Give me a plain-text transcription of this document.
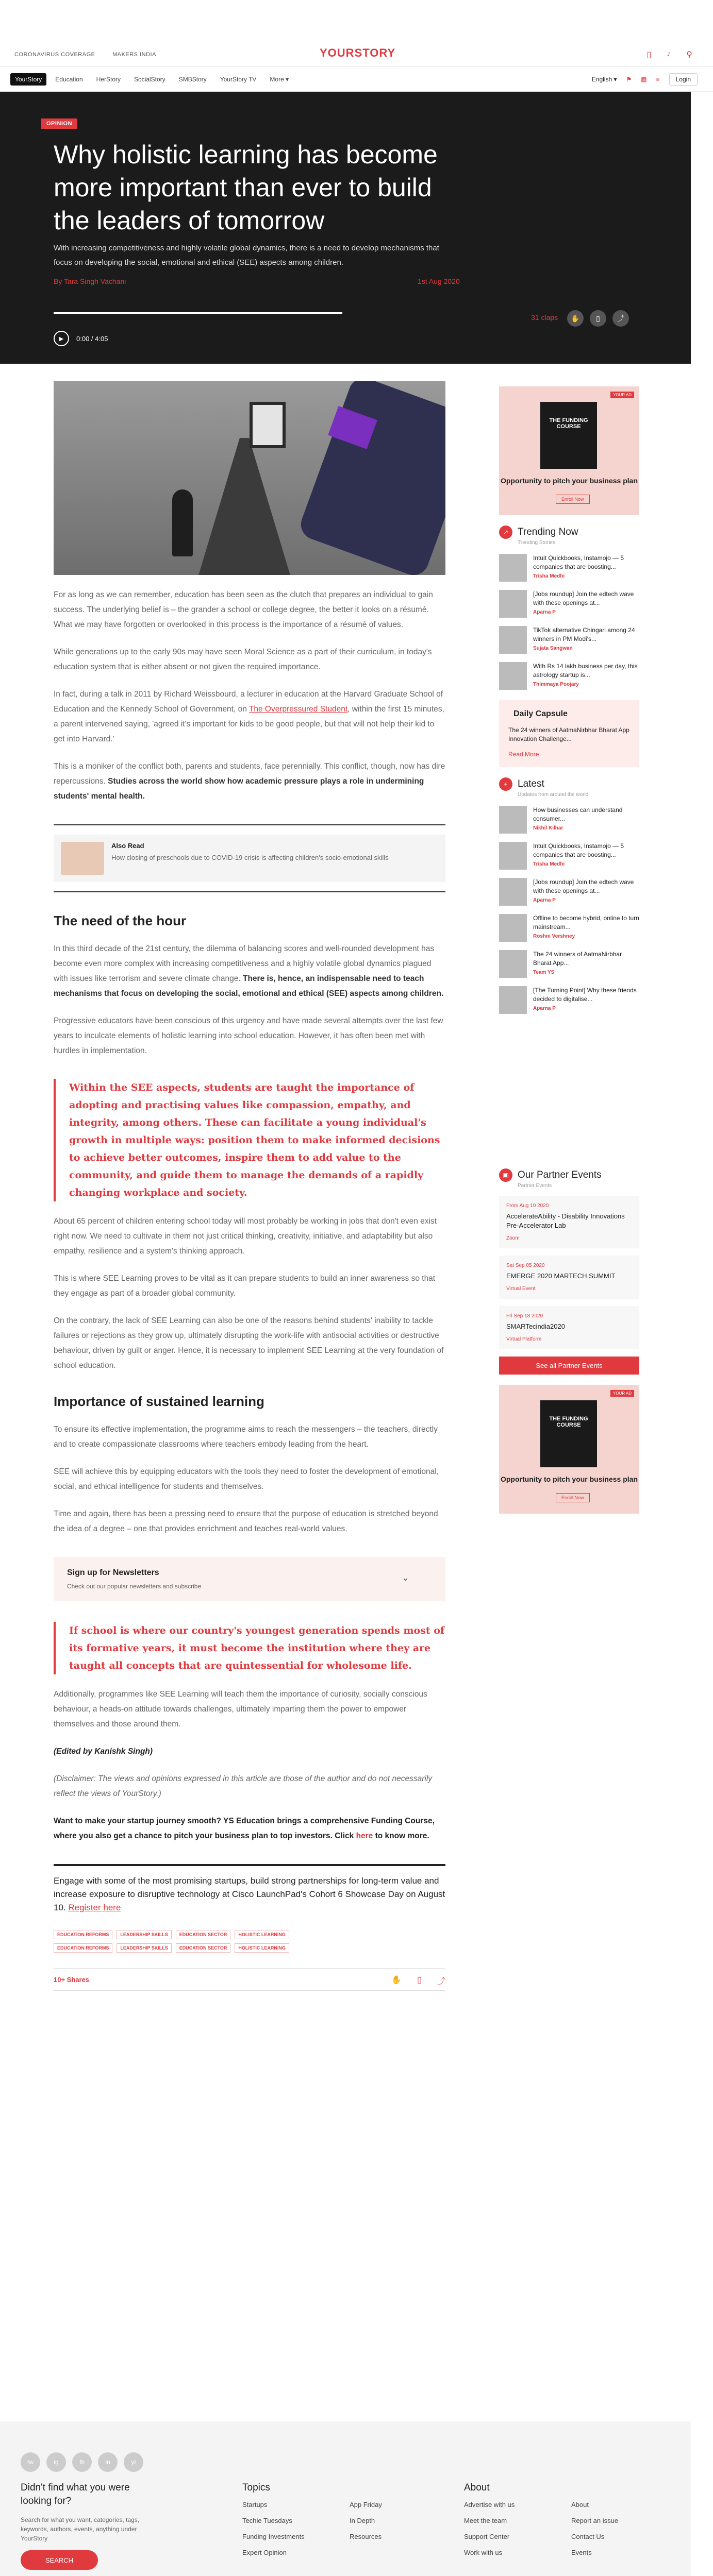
CORONAVIRUS COVERAGE	MAKERS INDIA	YOURSTORY	▯ ♪ ⚲
YourStory	Education	HerStory	SocialStory	SMBStory	YourStory TV	More ▾	English ▾ ⚑ ▦ ≡	Login
OPINION
Why holistic learning has become more important than ever to build the leaders of tomorrow
With increasing competitiveness and highly volatile global dynamics, there is a need to develop mechanisms that focus on developing the social, emotional and ethical (SEE) aspects among children.
By Tara Singh Vachani	1st Aug 2020
▶	0:00 / 4:05
31 claps	✋	▯	⤴

For as long as we can remember, education has been seen as the clutch that prepares an individual to gain success. The underlying belief is – the grander a school or college degree, the better it looks on a résumé. What we may have forgotten or overlooked in this process is the importance of a résumé of values.

While generations up to the early 90s may have seen Moral Science as a part of their curriculum, in today's education system that is either absent or not given the required importance.

In fact, during a talk in 2011 by Richard Weissbourd, a lecturer in education at the Harvard Graduate School of Education and the Kennedy School of Government, on The Overpressured Student, within the first 15 minutes, a parent intervened saying, 'agreed it's important for kids to be good people, but that will not help their kid to get into Harvard.'

This is a moniker of the conflict both, parents and students, face perennially. This conflict, though, now has dire repercussions. Studies across the world show how academic pressure plays a role in undermining students' mental health.

Also Read
How closing of preschools due to COVID-19 crisis is affecting children's socio-emotional skills
The need of the hour

In this third decade of the 21st century, the dilemma of balancing scores and well-rounded development has become even more complex with increasing competitiveness and a highly volatile global dynamics plagued with issues like terrorism and severe climate change. There is, hence, an indispensable need to teach mechanisms that focus on developing the social, emotional and ethical (SEE) aspects among children.

Progressive educators have been conscious of this urgency and have made several attempts over the last few years to inculcate elements of holistic learning into school education. However, it has often been met with hurdles in implementation.

Within the SEE aspects, students are taught the importance of adopting and practising values like compassion, empathy, and integrity, among others. These can facilitate a young individual's growth in multiple ways: position them to make informed decisions to achieve better outcomes, inspire them to add value to the community, and guide them to manage the demands of a rapidly changing workplace and society.

About 65 percent of children entering school today will most probably be working in jobs that don't even exist right now. We need to cultivate in them not just critical thinking, creativity, initiative, and adaptability but also empathy, resilience and a system's thinking approach.

This is where SEE Learning proves to be vital as it can prepare students to build an inner awareness so that they engage as part of a broader global community.

On the contrary, the lack of SEE Learning can also be one of the reasons behind students' inability to tackle failures or rejections as they grow up, ultimately disrupting the work-life with antisocial activities or destructive behaviour, driven by guilt or anger. Hence, it is necessary to implement SEE Learning at the very foundation of school education.

Importance of sustained learning

To ensure its effective implementation, the programme aims to reach the messengers – the teachers, directly and to create compassionate classrooms where teachers embody leading from the heart.

SEE will achieve this by equipping educators with the tools they need to foster the development of emotional, social, and ethical intelligence for students and themselves.

Time and again, there has been a pressing need to ensure that the purpose of education is stretched beyond the idea of a degree – one that provides enrichment and teaches real-world values.

Sign up for Newsletters
Check out our popular newsletters and subscribe
⌄
If school is where our country's youngest generation spends most of its formative years, it must become the institution where they are taught all concepts that are quintessential for wholesome life.

Additionally, programmes like SEE Learning will teach them the importance of curiosity, socially conscious behaviour, a heads-on attitude towards challenges, ultimately imparting them the power to empower themselves and those around them.

(Edited by Kanishk Singh)

(Disclaimer: The views and opinions expressed in this article are those of the author and do not necessarily reflect the views of YourStory.)

Want to make your startup journey smooth? YS Education brings a comprehensive Funding Course, where you also get a chance to pitch your business plan to top investors. Click here to know more.

Engage with some of the most promising startups, build strong partnerships for long-term value and increase exposure to disruptive technology at Cisco LaunchPad's Cohort 6 Showcase Day on August 10. Register here
EDUCATION REFORMS	LEADERSHIP SKILLS	EDUCATION SECTOR	HOLISTIC LEARNING
EDUCATION REFORMS	LEADERSHIP SKILLS	EDUCATION SECTOR	HOLISTIC LEARNING
10+ Shares	✋ ▯ ⤴
YOUR AD
THE FUNDING COURSE
Opportunity to pitch your business plan
Enroll Now
↗ Trending Now
Trending Stories
Intuit Quickbooks, Instamojo — 5 companies that are boosting...
Trisha Medhi
[Jobs roundup] Join the edtech wave with these openings at...
Aparna P
TikTok alternative Chingari among 24 winners in PM Modi's...
Sujata Sangwan
With Rs 14 lakh business per day, this astrology startup is...
Thimmaya Poojary
Daily Capsule
The 24 winners of AatmaNirbhar Bharat App Innovation Challenge...
Read More
+	Latest
Updates from around the world
How businesses can understand consumer...
Nikhil Kilhar
Intuit Quickbooks, Instamojo — 5 companies that are boosting...
Trisha Medhi
[Jobs roundup] Join the edtech wave with these openings at...
Aparna P
Offline to become hybrid, online to turn mainstream...
Roshni Vershney
The 24 winners of AatmaNirbhar Bharat App...
Team YS
[The Turning Point] Why these friends decided to digitalise...
Aparna P
▣ Our Partner Events
Partner Events
From Aug 10 2020
AccelerateAbility - Disability Innovations Pre-Accelerator Lab
Zoom
Sat Sep 05 2020
EMERGE 2020 MARTECH SUMMIT
Virtual Event
Fri Sep 18 2020
SMARTecindia2020
Virtual Platform
See all Partner Events
YOUR AD
THE FUNDING COURSE
Opportunity to pitch your business plan
Enroll Now
tw	ig	fb	in	yt
Didn't find what you were looking for?
Search for what you want, categories, tags, keywords, authors, events, anything under YourStory
SEARCH
Topics
Startups
Techie Tuesdays
Funding Investments
Expert Opinion
App Friday
In Depth
Resources
About
Advertise with us
Meet the team
Support Center
Work with us
About
Report an issue
Contact Us
Events
